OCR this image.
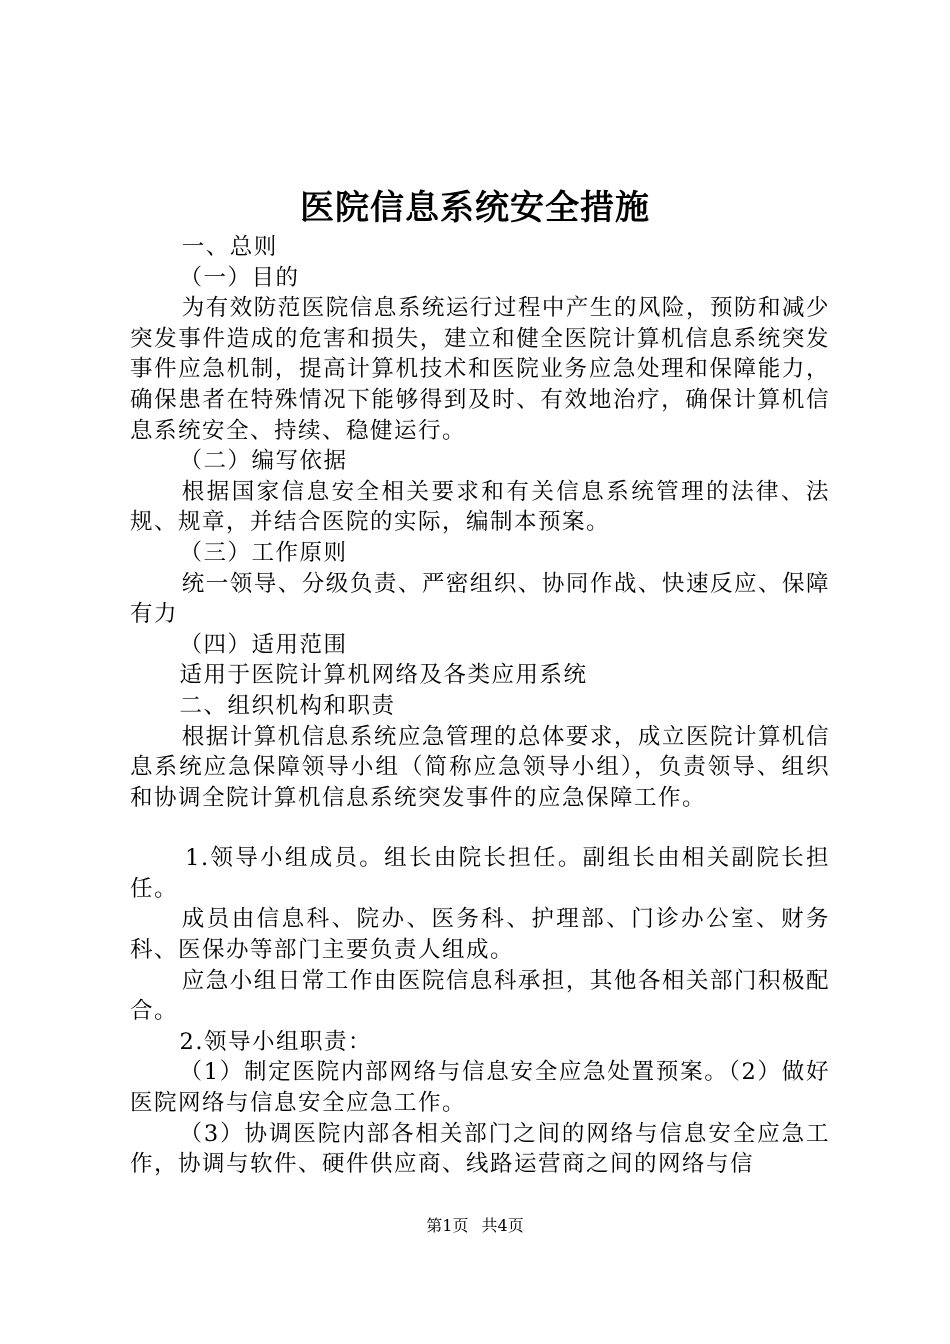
医院信息系统安全措施

一、总则

（一）目的

为有效防范医院信息系统运行过程中产生的风险，预防和减少突发事件造成的危害和损失，建立和健全医院计算机信息系统突发事件应急机制，提高计算机技术和医院业务应急处理和保障能力，确保患者在特殊情况下能够得到及时、有效地治疗，确保计算机信息系统安全、持续、稳健运行。

（二）编写依据

根据国家信息安全相关要求和有关信息系统管理的法律、法规、规章，并结合医院的实际，编制本预案。

（三）工作原则

统一领导、分级负责、严密组织、协同作战、快速反应、保障有力

（四）适用范围

适用于医院计算机网络及各类应用系统

二、组织机构和职责

根据计算机信息系统应急管理的总体要求，成立医院计算机信息系统应急保障领导小组（简称应急领导小组），负责领导、组织和协调全院计算机信息系统突发事件的应急保障工作。

1.领导小组成员。组长由院长担任。副组长由相关副院长担任。

成员由信息科、院办、医务科、护理部、门诊办公室、财务科、医保办等部门主要负责人组成。

应急小组日常工作由医院信息科承担，其他各相关部门积极配合。

2.领导小组职责：

（1）制定医院内部网络与信息安全应急处置预案。（2）做好医院网络与信息安全应急工作。

（3）协调医院内部各相关部门之间的网络与信息安全应急工作，协调与软件、硬件供应商、线路运营商之间的网络与信

第1页 共4页
